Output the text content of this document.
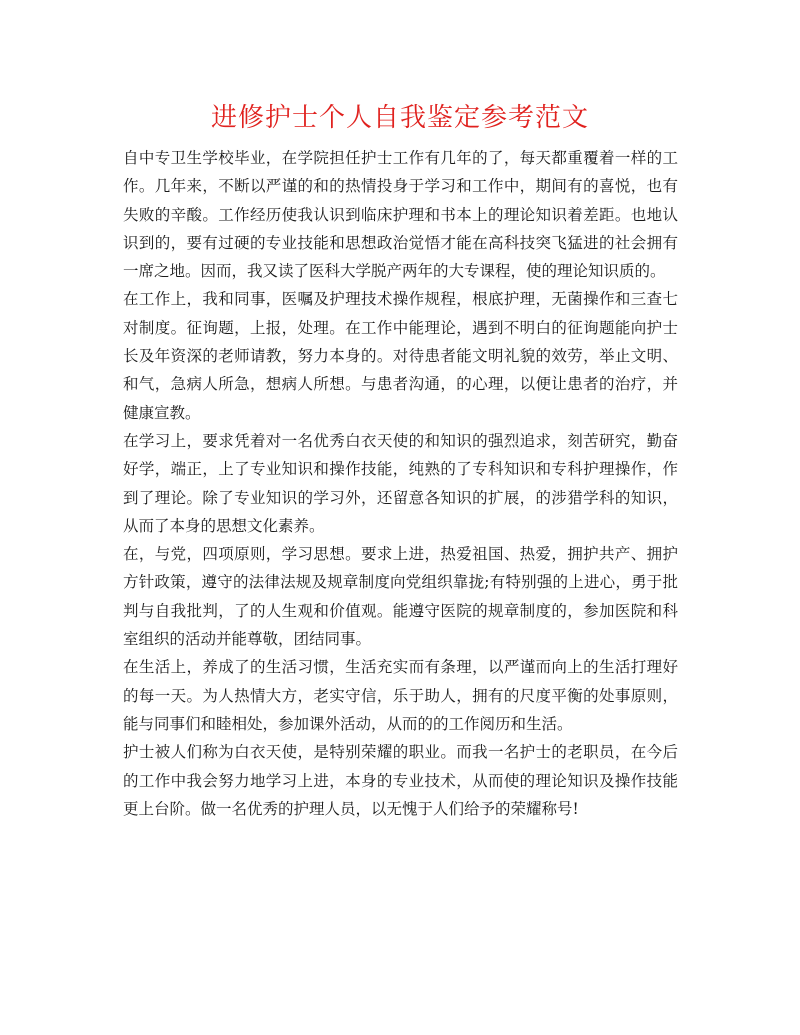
进修护士个人自我鉴定参考范文

自中专卫生学校毕业，在学院担任护士工作有几年的了，每天都重覆着一样的工作。几年来，不断以严谨的和的热情投身于学习和工作中，期间有的喜悦，也有失败的辛酸。工作经历使我认识到临床护理和书本上的理论知识着差距。也地认识到的，要有过硬的专业技能和思想政治觉悟才能在高科技突飞猛进的社会拥有一席之地。因而，我又读了医科大学脱产两年的大专课程，使的理论知识质的。

在工作上，我和同事，医嘱及护理技术操作规程，根底护理，无菌操作和三查七对制度。征询题，上报，处理。在工作中能理论，遇到不明白的征询题能向护士长及年资深的老师请教，努力本身的。对待患者能文明礼貌的效劳，举止文明、和气，急病人所急，想病人所想。与患者沟通，的心理，以便让患者的治疗，并健康宣教。

在学习上，要求凭着对一名优秀白衣天使的和知识的强烈追求，刻苦研究，勤奋好学，端正，上了专业知识和操作技能，纯熟的了专科知识和专科护理操作，作到了理论。除了专业知识的学习外，还留意各知识的扩展，的涉猎学科的知识，从而了本身的思想文化素养。

在，与党，四项原则，学习思想。要求上进，热爱祖国、热爱，拥护共产、拥护方针政策，遵守的法律法规及规章制度向党组织靠拢;有特别强的上进心，勇于批判与自我批判，了的人生观和价值观。能遵守医院的规章制度的，参加医院和科室组织的活动并能尊敬，团结同事。

在生活上，养成了的生活习惯，生活充实而有条理，以严谨而向上的生活打理好的每一天。为人热情大方，老实守信，乐于助人，拥有的尺度平衡的处事原则，能与同事们和睦相处，参加课外活动，从而的的工作阅历和生活。

护士被人们称为白衣天使，是特别荣耀的职业。而我一名护士的老职员，在今后的工作中我会努力地学习上进，本身的专业技术，从而使的理论知识及操作技能更上台阶。做一名优秀的护理人员，以无愧于人们给予的荣耀称号!
